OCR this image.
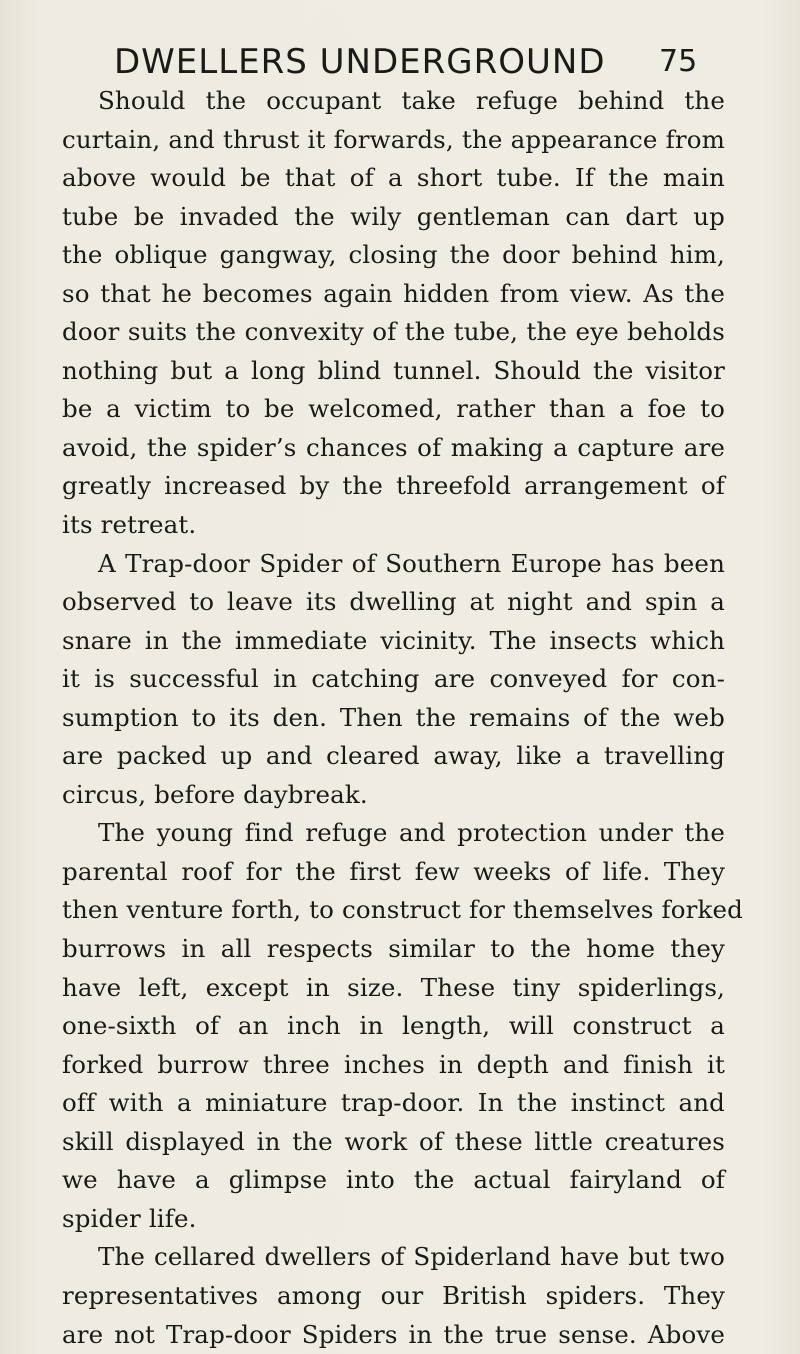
DWELLERS UNDERGROUND 75
Should the occupant take refuge behind the
curtain, and thrust it forwards, the appearance from
above would be that of a short tube. If the main
tube be invaded the wily gentleman can dart up
the oblique gangway, closing the door behind him,
so that he becomes again hidden from view. As the
door suits the convexity of the tube, the eye beholds
nothing but a long blind tunnel. Should the visitor
be a victim to be welcomed, rather than a foe to
avoid, the spider’s chances of making a capture are
greatly increased by the threefold arrangement of
its retreat.
A Trap-door Spider of Southern Europe has been
observed to leave its dwelling at night and spin a
snare in the immediate vicinity. The insects which
it is successful in catching are conveyed for con-
sumption to its den. Then the remains of the web
are packed up and cleared away, like a travelling
circus, before daybreak.
The young find refuge and protection under the
parental roof for the first few weeks of life. They
then venture forth, to construct for themselves forked
burrows in all respects similar to the home they
have left, except in size. These tiny spiderlings,
one-sixth of an inch in length, will construct a
forked burrow three inches in depth and finish it
off with a miniature trap-door. In the instinct and
skill displayed in the work of these little creatures
we have a glimpse into the actual fairyland of
spider life.
The cellared dwellers of Spiderland have but two
representatives among our British spiders. They
are not Trap-door Spiders in the true sense. Above
